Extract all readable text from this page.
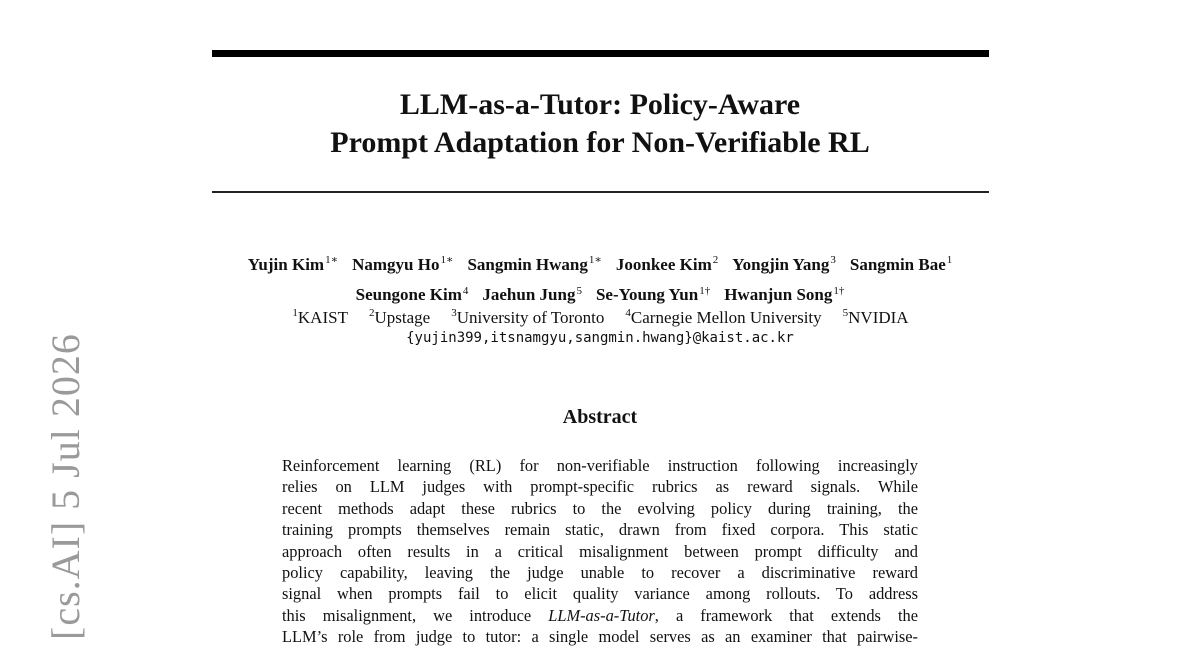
LLM-as-a-Tutor: Policy-Aware
Prompt Adaptation for Non-Verifiable RL
Yujin Kim$^{1∗}$ Namgyu $Ho^{1∗}$ Sangmin Hwang$^{1∗}$ Joonkee Kim$^2$ Yongjin Yang$^3$ Sangmin Bae$^1$
Seungone Kim$^4$ Jaehun Jung$^5$ Se-Young Yun$^{1\dagger}$ Hwanjun Song$^{1\dagger}$
$^1$KAIST $^2$Upstage $^3$University of Toronto $^4$Carnegie Mellon University $^5$NVIDIA
{yujin399,itsnamgyu,sangmin.hwang}@kaist.ac.kr
Abstract
Reinforcement learning (RL) for non-verifiable instruction following increasingly
relies on LLM judges with prompt-specific rubrics as reward signals. While
recent methods adapt these rubrics to the evolving policy during training, the
training prompts themselves remain static, drawn from fixed corpora. This static
approach often results in a critical misalignment between prompt difficulty and
policy capability, leaving the judge unable to recover a discriminative reward
signal when prompts fail to elicit quality variance among rollouts. To address
this misalignment, we introduce LLM-as-a-Tutor, a framework that extends the
LLM’s role from judge to tutor: a single model serves as an examiner that pairwise-
[cs.AI] 5 Jul 2026
